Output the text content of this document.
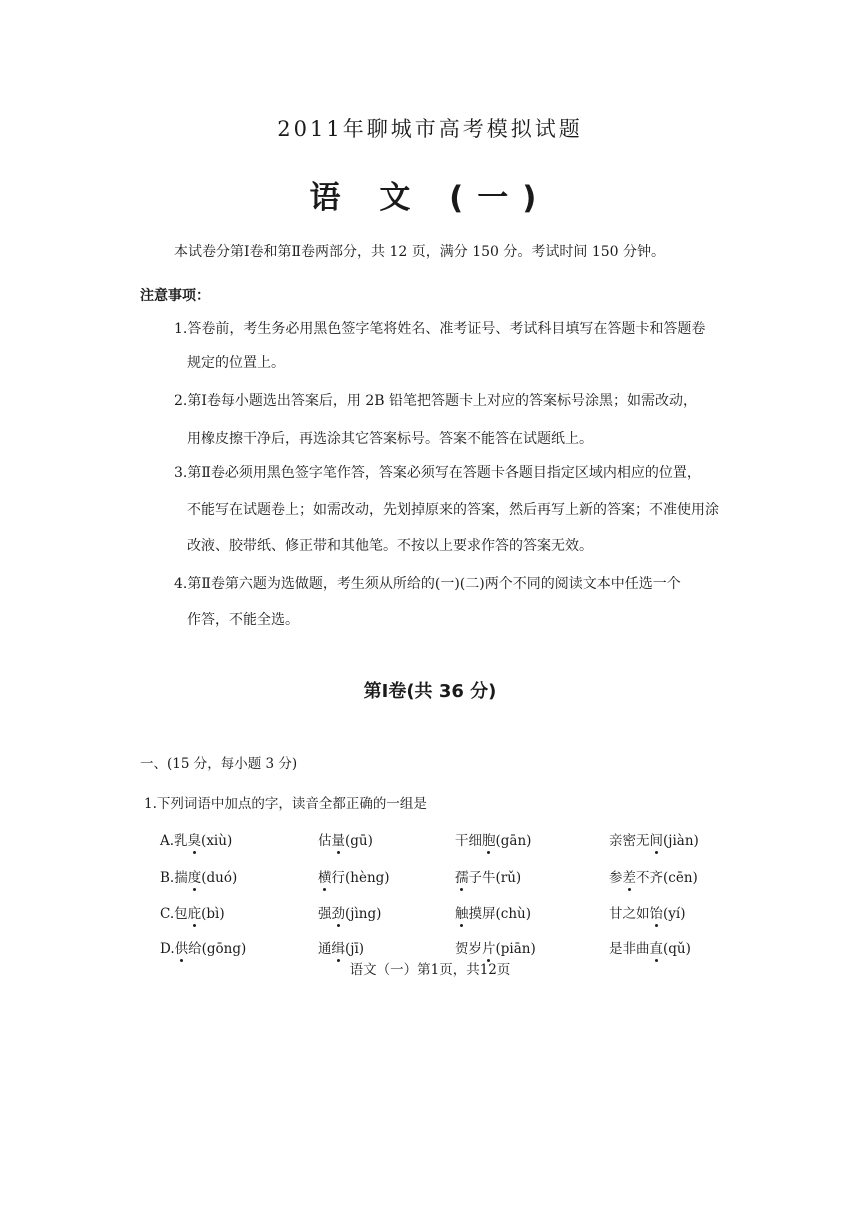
2011年聊城市高考模拟试题
语 文 (一)
本试卷分第Ⅰ卷和第Ⅱ卷两部分，共 12 页，满分 150 分。考试时间 150 分钟。
注意事项：
1.答卷前，考生务必用黑色签字笔将姓名、准考证号、考试科目填写在答题卡和答题卷
规定的位置上。
2.第Ⅰ卷每小题选出答案后，用 2B 铅笔把答题卡上对应的答案标号涂黑；如需改动，
用橡皮擦干净后，再选涂其它答案标号。答案不能答在试题纸上。
3.第Ⅱ卷必须用黑色签字笔作答，答案必须写在答题卡各题目指定区域内相应的位置，
不能写在试题卷上；如需改动，先划掉原来的答案，然后再写上新的答案；不准使用涂
改液、胶带纸、修正带和其他笔。不按以上要求作答的答案无效。
4.第Ⅱ卷第六题为选做题，考生须从所给的(一)(二)两个不同的阅读文本中任选一个
作答，不能全选。
第Ⅰ卷(共 36 分)
一、(15 分，每小题 3 分)
1.下列词语中加点的字，读音全都正确的一组是
A.乳臭(xiù)	估量(gū)	干细胞(gān)	亲密无间(jiàn)
B.揣度(duó)	横行(hèng)	孺子牛(rǔ)	参差不齐(cēn)
C.包庇(bì)	强劲(jìng)	触摸屏(chù)	甘之如饴(yí)
D.供给(gōng)	通缉(jī)	贺岁片(piān)	是非曲直(qǔ)
语文（一）第1页，共12页
